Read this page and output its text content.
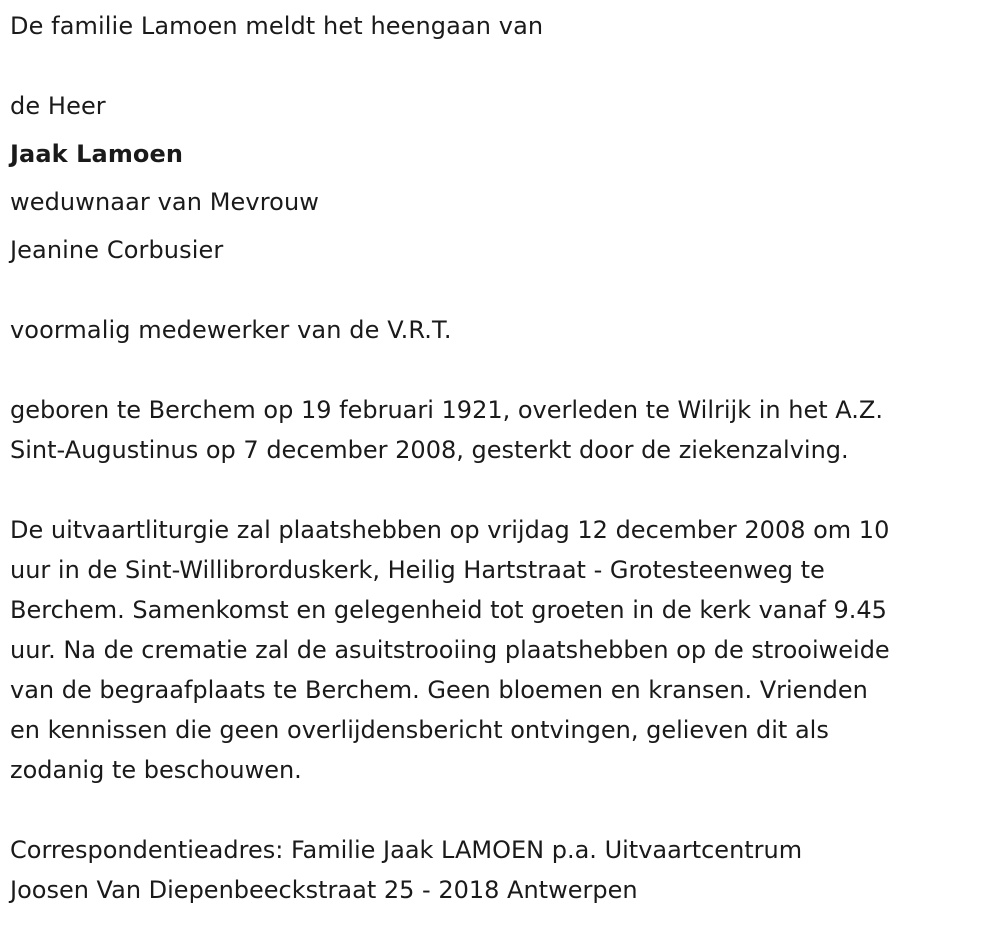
De familie Lamoen meldt het heengaan van
de Heer
Jaak Lamoen
weduwnaar van Mevrouw
Jeanine Corbusier
voormalig medewerker van de V.R.T.
geboren te Berchem op 19 februari 1921, overleden te Wilrijk in het A.Z.
Sint-Augustinus op 7 december 2008, gesterkt door de ziekenzalving.
De uitvaartliturgie zal plaatshebben op vrijdag 12 december 2008 om 10
uur in de Sint-Willibrorduskerk, Heilig Hartstraat - Grotesteenweg te
Berchem. Samenkomst en gelegenheid tot groeten in de kerk vanaf 9.45
uur. Na de crematie zal de asuitstrooiing plaatshebben op de strooiweide
van de begraafplaats te Berchem. Geen bloemen en kransen. Vrienden
en kennissen die geen overlijdensbericht ontvingen, gelieven dit als
zodanig te beschouwen.
Correspondentieadres: Familie Jaak LAMOEN p.a. Uitvaartcentrum
Joosen Van Diepenbeeckstraat 25 - 2018 Antwerpen
